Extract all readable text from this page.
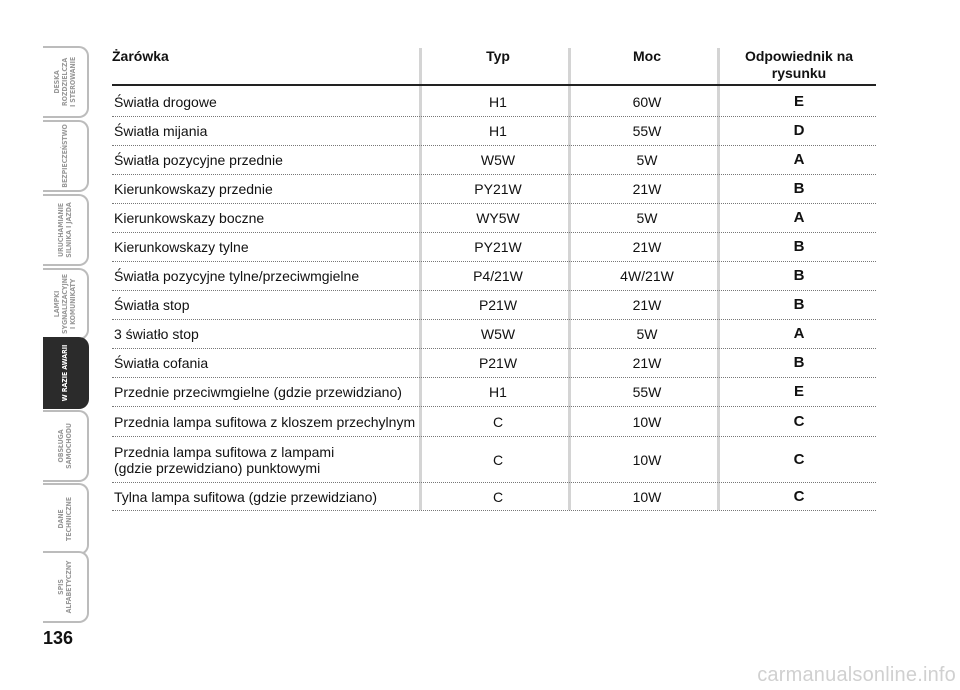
DESKA
ROZDZIELCZA
I STEROWANIE
BEZPIECZEŃSTWO
URUCHAMIANIE
SILNIKA I JAZDA
LAMPKI
SYGNALIZACYJNE
I KOMUNIKATY
W RAZIE AWARII
OBSŁUGA
SAMOCHODU
DANE
TECHNICZNE
SPIS
ALFABETYCZNY
136
Żarówka	Typ	Moc	Odpowiednik na
rysunku
Światła drogowe	H1	60W	E
Światła mijania	H1	55W	D
Światła pozycyjne przednie	W5W	5W	A
Kierunkowskazy przednie	PY21W	21W	B
Kierunkowskazy boczne	WY5W	5W	A
Kierunkowskazy tylne	PY21W	21W	B
Światła pozycyjne tylne/przeciwmgielne	P4/21W	4W/21W	B
Światła stop	P21W	21W	B
3 światło stop	W5W	5W	A
Światła cofania	P21W	21W	B
Przednie przeciwmgielne (gdzie przewidziano)	H1	55W	E
Przednia lampa sufitowa z kloszem przechylnym	C	10W	C
Przednia lampa sufitowa z lampami
(gdzie przewidziano) punktowymi	C	10W	C
Tylna lampa sufitowa (gdzie przewidziano)	C	10W	C
carmanualsonline.info
